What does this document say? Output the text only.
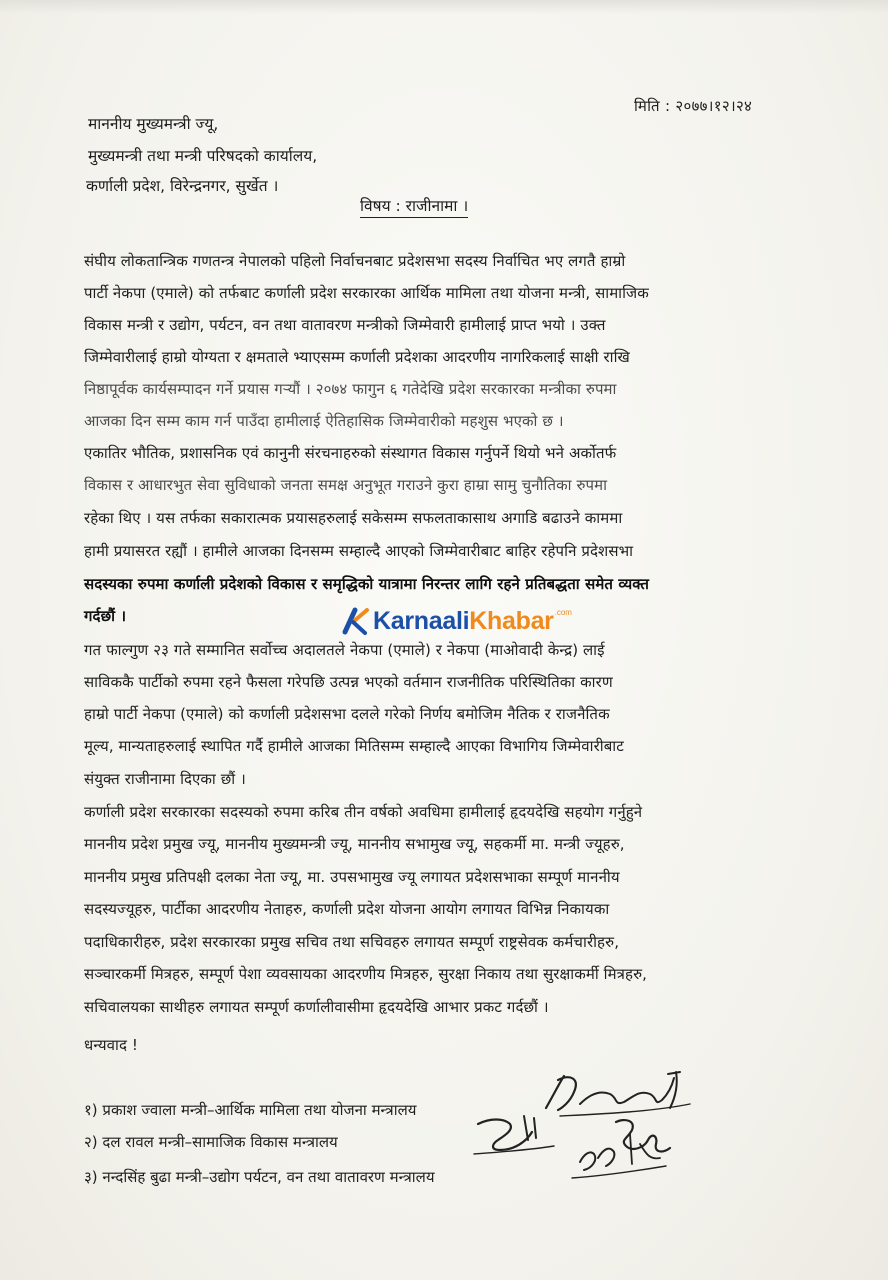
मिति : २०७७।१२।२४
माननीय मुख्यमन्त्री ज्यू,
मुख्यमन्त्री तथा मन्त्री परिषदको कार्यालय,
कर्णाली प्रदेश, विरेन्द्रनगर, सुर्खेत ।
विषय : राजीनामा ।
संघीय लोकतान्त्रिक गणतन्त्र नेपालको पहिलो निर्वाचनबाट प्रदेशसभा सदस्य निर्वाचित भए लगतै हाम्रो
पार्टी नेकपा (एमाले) को तर्फबाट कर्णाली प्रदेश सरकारका आर्थिक मामिला तथा योजना मन्त्री, सामाजिक
विकास मन्त्री र उद्योग, पर्यटन, वन तथा वातावरण मन्त्रीको जिम्मेवारी हामीलाई प्राप्त भयो । उक्त
जिम्मेवारीलाई हाम्रो योग्यता र क्षमताले भ्याएसम्म कर्णाली प्रदेशका आदरणीय नागरिकलाई साक्षी राखि
निष्ठापूर्वक कार्यसम्पादन गर्ने प्रयास गर्‍यौं । २०७४ फागुन ६ गतेदेखि प्रदेश सरकारका मन्त्रीका रुपमा
आजका दिन सम्म काम गर्न पाउँदा हामीलाई ऐतिहासिक जिम्मेवारीको महशुस भएको छ ।
एकातिर भौतिक, प्रशासनिक एवं कानुनी संरचनाहरुको संस्थागत विकास गर्नुपर्ने थियो भने अर्कोतर्फ
विकास र आधारभुत सेवा सुविधाको जनता समक्ष अनुभूत गराउने कुरा हाम्रा सामु चुनौतिका रुपमा
रहेका थिए । यस तर्फका सकारात्मक प्रयासहरुलाई सकेसम्म सफलताकासाथ अगाडि बढाउने काममा
हामी प्रयासरत रह्यौं । हामीले आजका दिनसम्म सम्हाल्दै आएको जिम्मेवारीबाट बाहिर रहेपनि प्रदेशसभा
सदस्यका रुपमा कर्णाली प्रदेशको विकास र समृद्धिको यात्रामा निरन्तर लागि रहने प्रतिबद्धता समेत व्यक्त
गर्दछौं ।
गत फाल्गुण २३ गते सम्मानित सर्वोच्च अदालतले नेकपा (एमाले) र नेकपा (माओवादी केन्द्र) लाई
साविककै पार्टीको रुपमा रहने फैसला गरेपछि उत्पन्न भएको वर्तमान राजनीतिक परिस्थितिका कारण
हाम्रो पार्टी नेकपा (एमाले) को कर्णाली प्रदेशसभा दलले गरेको निर्णय बमोजिम नैतिक र राजनैतिक
मूल्य, मान्यताहरुलाई स्थापित गर्दै हामीले आजका मितिसम्म सम्हाल्दै आएका विभागिय जिम्मेवारीबाट
संयुक्त राजीनामा दिएका छौं ।
कर्णाली प्रदेश सरकारका सदस्यको रुपमा करिब तीन वर्षको अवधिमा हामीलाई हृदयदेखि सहयोग गर्नुहुने
माननीय प्रदेश प्रमुख ज्यू, माननीय मुख्यमन्त्री ज्यू, माननीय सभामुख ज्यू, सहकर्मी मा. मन्त्री ज्यूहरु,
माननीय प्रमुख प्रतिपक्षी दलका नेता ज्यू, मा. उपसभामुख ज्यू लगायत प्रदेशसभाका सम्पूर्ण माननीय
सदस्यज्यूहरु, पार्टीका आदरणीय नेताहरु, कर्णाली प्रदेश योजना आयोग लगायत विभिन्न निकायका
पदाधिकारीहरु, प्रदेश सरकारका प्रमुख सचिव तथा सचिवहरु लगायत सम्पूर्ण राष्ट्रसेवक कर्मचारीहरु,
सञ्चारकर्मी मित्रहरु, सम्पूर्ण पेशा व्यवसायका आदरणीय मित्रहरु, सुरक्षा निकाय तथा सुरक्षाकर्मी मित्रहरु,
सचिवालयका साथीहरु लगायत सम्पूर्ण कर्णालीवासीमा हृदयदेखि आभार प्रकट गर्दछौं ।
धन्यवाद !
१) प्रकाश ज्वाला मन्त्री–आर्थिक मामिला तथा योजना मन्त्रालय
२) दल रावल मन्त्री–सामाजिक विकास मन्त्रालय
३) नन्दसिंह बुढा मन्त्री–उद्योग पर्यटन, वन तथा वातावरण मन्त्रालय
Karnaali Khabar .com
